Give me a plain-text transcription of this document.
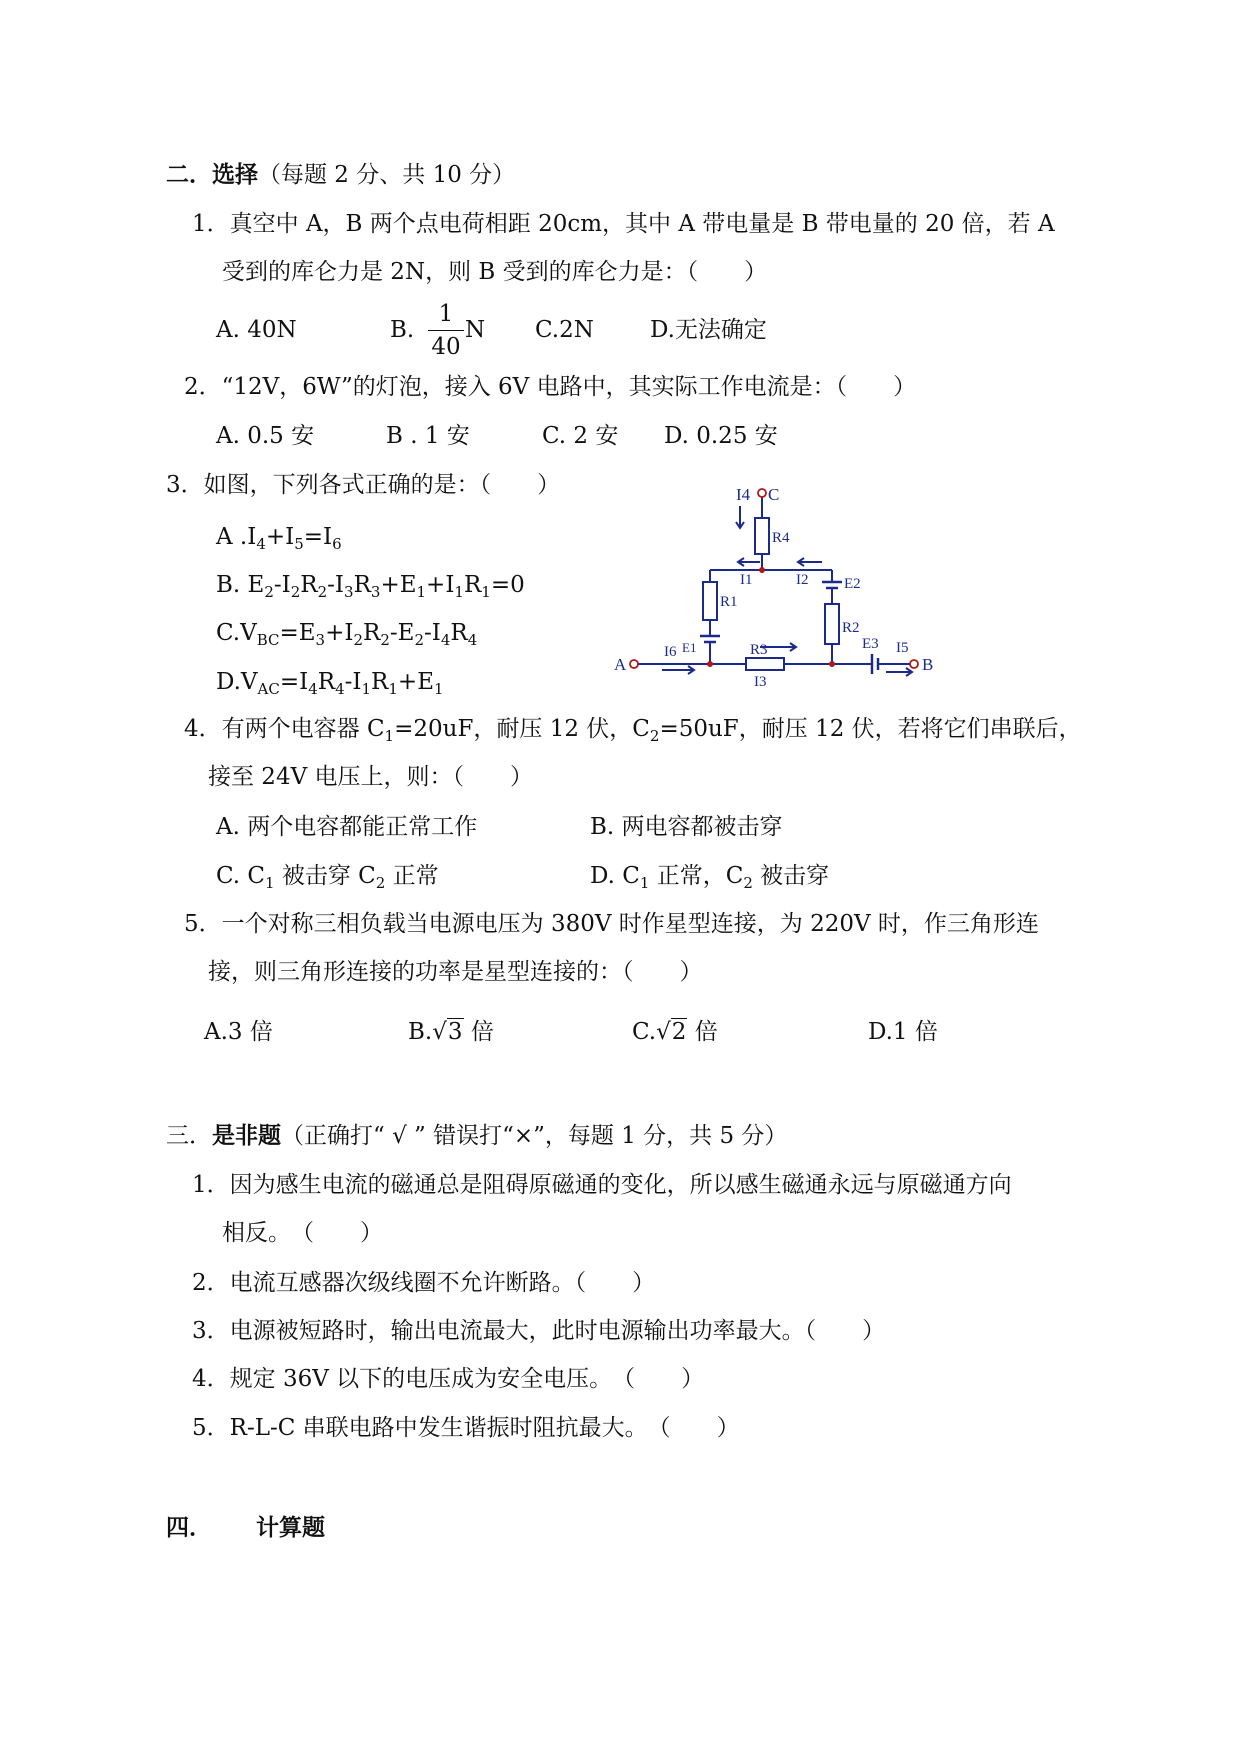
二．选择（每题 2 分、共 10 分）
1．真空中 A，B 两个点电荷相距 20cm，其中 A 带电量是 B 带电量的 20 倍，若 A
受到的库仑力是 2N，则 B 受到的库仑力是：（　　）
A. 40N	B.
1
40
N C.2N D.无法确定
2．“12V，6W”的灯泡，接入 6V 电路中，其实际工作电流是：（　　）
A. 0.5 安	B . 1 安	C. 2 安 D. 0.25 安
3．如图，下列各式正确的是：（　　）
A $.I_4+I_5=I_6$
B. $E_2-I_2R_2-I_3R_3+E_1+I_1R_1=0$
$C.V_{BC}=E_3+I_2R_2-E_2-I_4R_4$
$D.V_{AC}=I_4R_4-I_1R_1+E_1$
I4 C
R4
I1	I2 E2
R1
R2
A
I6 E1	R3
I3
E3 I5
B
4．有两个电容器 $C_1=20uF$，耐压 12 伏，$C_2=50uF$，耐压 12 伏，若将它们串联后，
接至 24V 电压上，则：（　　）
A. 两个电容都能正常工作	B. 两电容都被击穿
C. $C_1$ 被击穿 $C_2$ 正常	D. $C_1$ 正常，$C_2$ 被击穿
5．一个对称三相负载当电源电压为 380V 时作星型连接，为 220V 时，作三角形连
接，则三角形连接的功率是星型连接的：（　　）
A.3 倍	B.√3 倍	C.√2 倍	D.1 倍
三．是非题（正确打“ √ ” 错误打“×”，每题 1 分，共 5 分）
1．因为感生电流的磁通总是阻碍原磁通的变化，所以感生磁通永远与原磁通方向
相反。　（　　）
2．电流互感器次级线圈不允许断路。（　　）
3．电源被短路时，输出电流最大，此时电源输出功率最大。（　　）
4．规定 36V 以下的电压成为安全电压。　（　　）
5．R-L-C 串联电路中发生谐振时阻抗最大。　（　　）
四． 计算题
